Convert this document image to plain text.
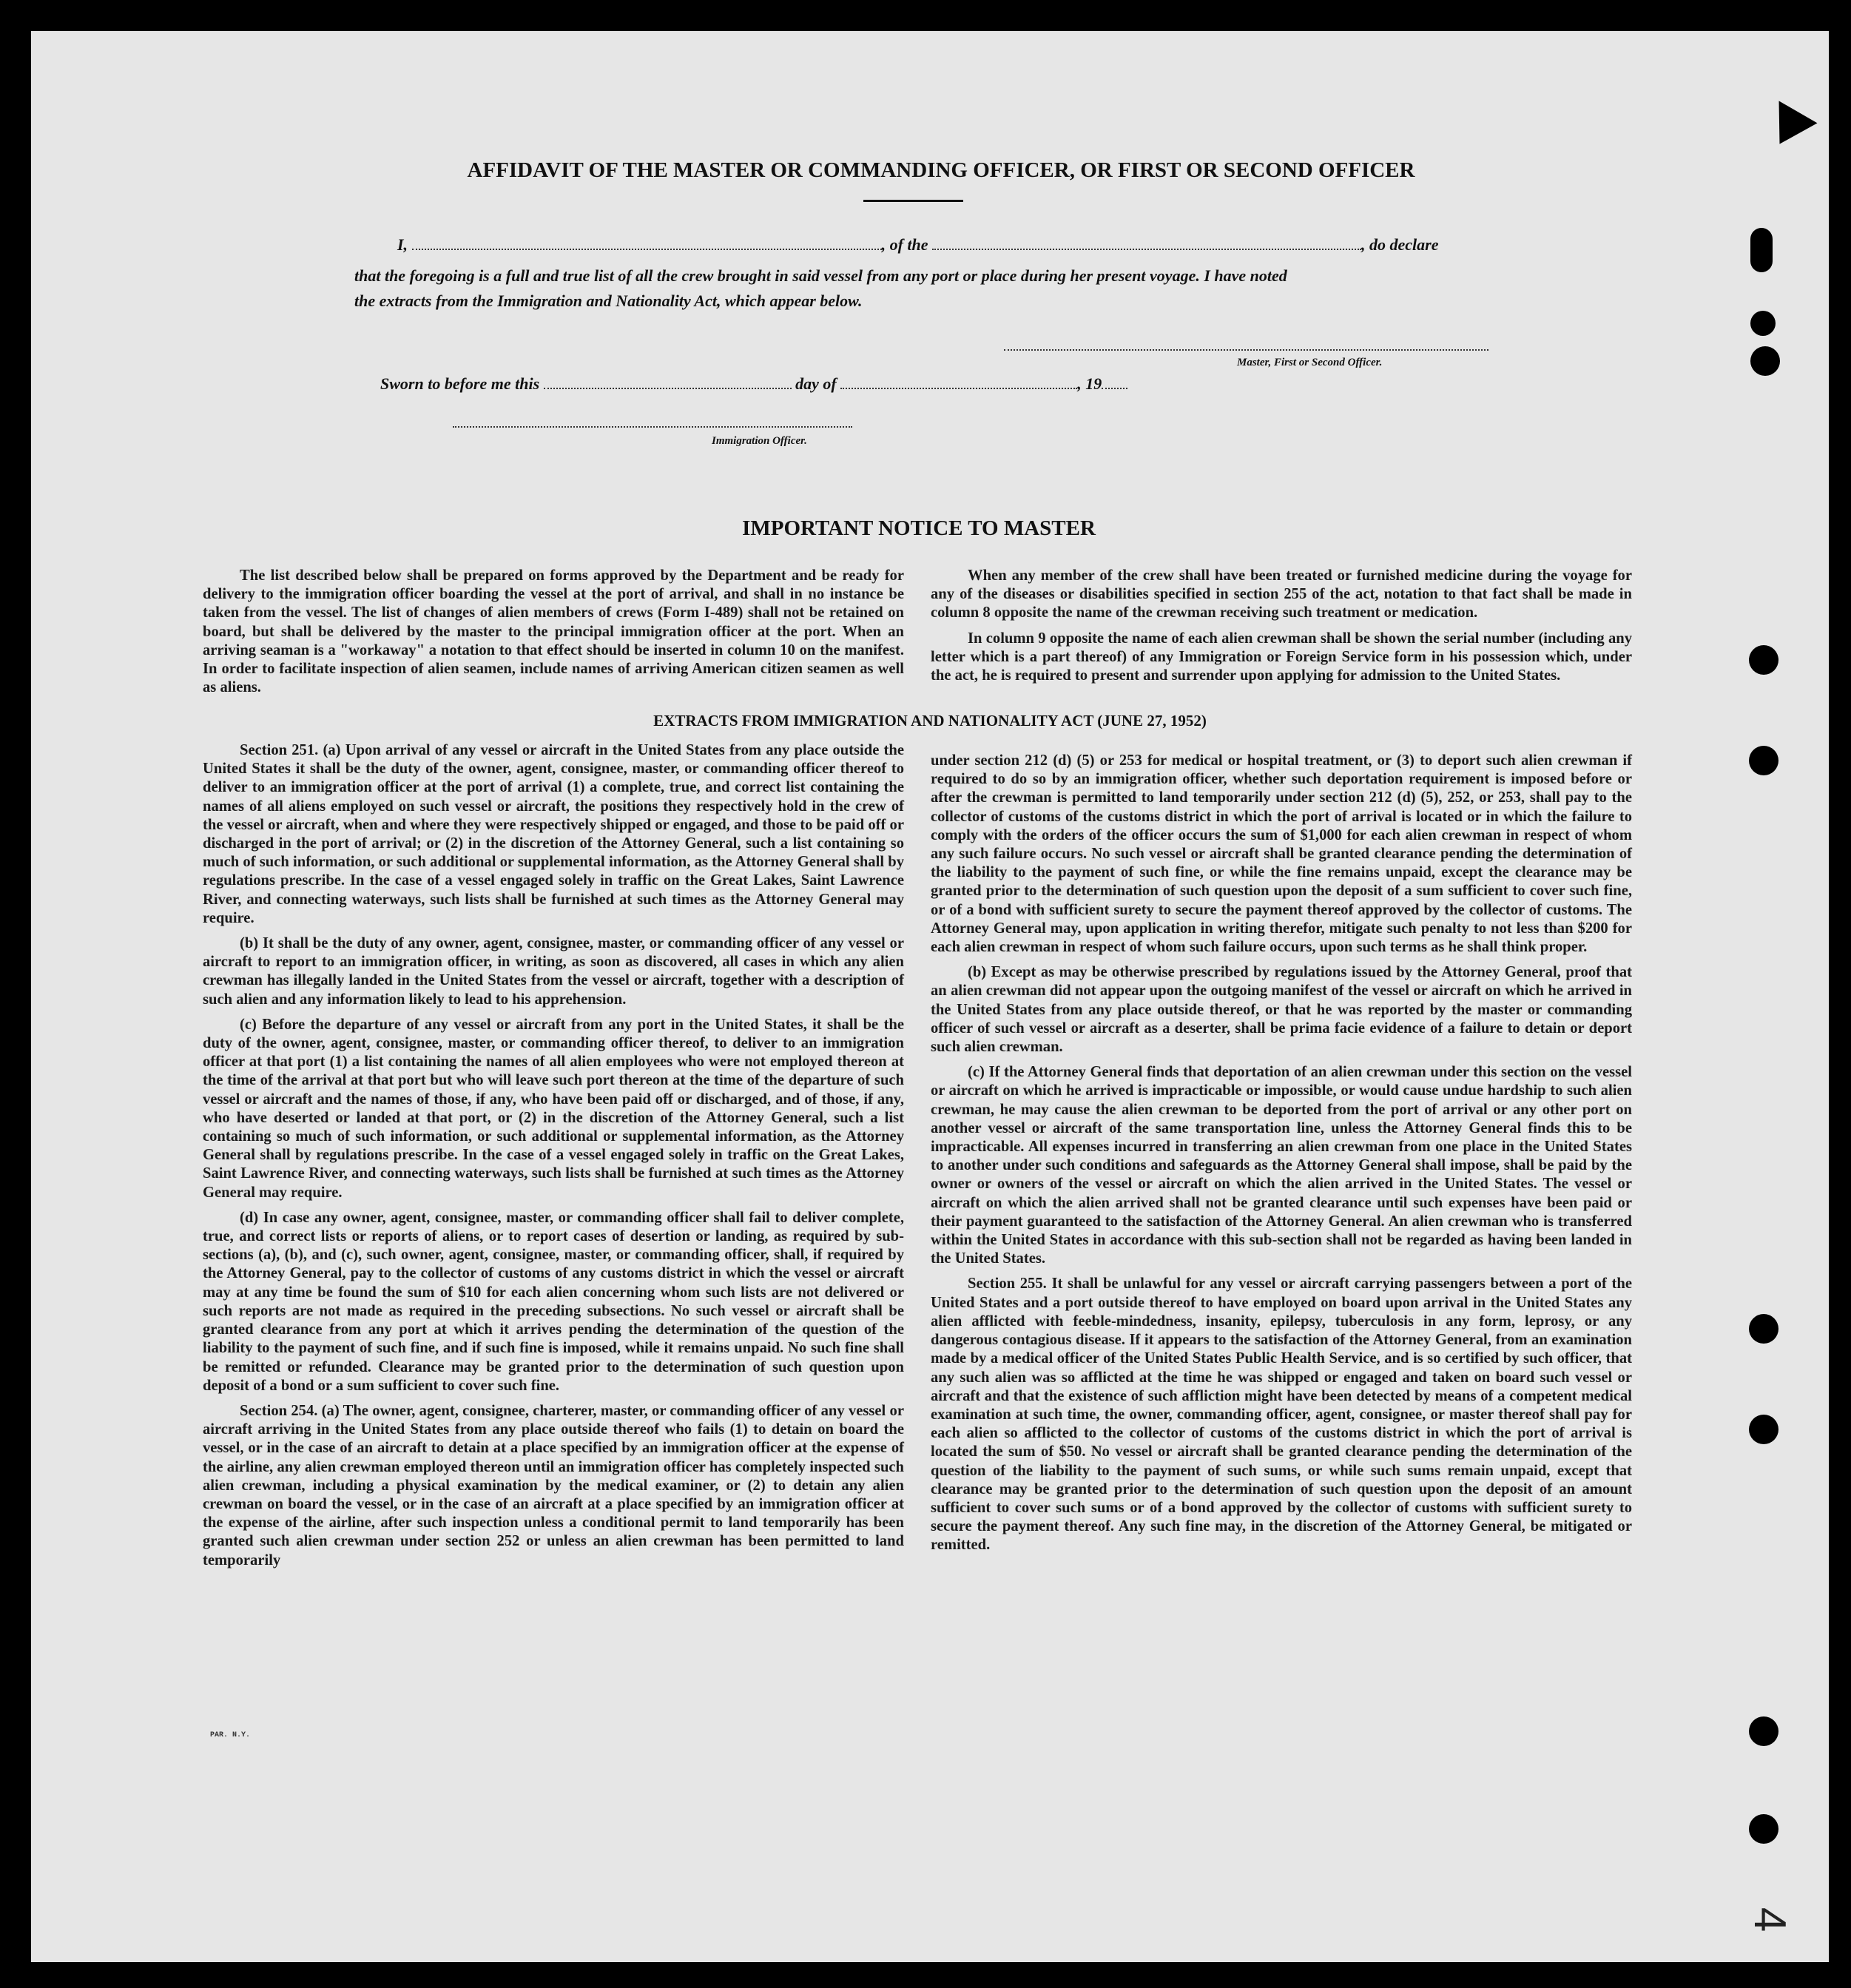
AFFIDAVIT OF THE MASTER OR COMMANDING OFFICER, OR FIRST OR SECOND OFFICER
I,	, of the	, do declare
that the foregoing is a full and true list of all the crew brought in said vessel from any port or place during her present voyage. I have noted
the extracts from the Immigration and Nationality Act, which appear below.
Master, First or Second Officer.
Sworn to before me this	day of	, 19
Immigration Officer.
IMPORTANT NOTICE TO MASTER

The list described below shall be prepared on forms approved by the Department and be ready for delivery to the immigration officer boarding the vessel at the port of arrival, and shall in no instance be taken from the vessel. The list of changes of alien members of crews (Form I-489) shall not be retained on board, but shall be delivered by the master to the principal immigration officer at the port. When an arriving seaman is a "workaway" a notation to that effect should be inserted in column 10 on the manifest. In order to facilitate inspection of alien seamen, include names of arriving American citizen seamen as well as aliens.

When any member of the crew shall have been treated or furnished medicine during the voyage for any of the diseases or disabilities specified in section 255 of the act, notation to that fact shall be made in column 8 opposite the name of the crewman receiving such treatment or medication.

In column 9 opposite the name of each alien crewman shall be shown the serial number (including any letter which is a part thereof) of any Immigration or Foreign Service form in his possession which, under the act, he is required to present and surrender upon applying for admission to the United States.

EXTRACTS FROM IMMIGRATION AND NATIONALITY ACT (JUNE 27, 1952)

Section 251. (a) Upon arrival of any vessel or aircraft in the United States from any place outside the United States it shall be the duty of the owner, agent, consignee, master, or commanding officer thereof to deliver to an immigration officer at the port of arrival (1) a complete, true, and correct list containing the names of all aliens employed on such vessel or aircraft, the positions they respectively hold in the crew of the vessel or aircraft, when and where they were respectively shipped or engaged, and those to be paid off or discharged in the port of arrival; or (2) in the discretion of the Attorney General, such a list containing so much of such information, or such additional or supplemental information, as the Attorney General shall by regulations prescribe. In the case of a vessel engaged solely in traffic on the Great Lakes, Saint Lawrence River, and connecting waterways, such lists shall be furnished at such times as the Attorney General may require.

(b) It shall be the duty of any owner, agent, consignee, master, or commanding officer of any vessel or aircraft to report to an immigration officer, in writing, as soon as discovered, all cases in which any alien crewman has illegally landed in the United States from the vessel or aircraft, together with a description of such alien and any information likely to lead to his apprehension.

(c) Before the departure of any vessel or aircraft from any port in the United States, it shall be the duty of the owner, agent, consignee, master, or commanding officer thereof, to deliver to an immigration officer at that port (1) a list containing the names of all alien employees who were not employed thereon at the time of the arrival at that port but who will leave such port thereon at the time of the departure of such vessel or aircraft and the names of those, if any, who have been paid off or discharged, and of those, if any, who have deserted or landed at that port, or (2) in the discretion of the Attorney General, such a list containing so much of such information, or such additional or supplemental information, as the Attorney General shall by regulations prescribe. In the case of a vessel engaged solely in traffic on the Great Lakes, Saint Lawrence River, and connecting waterways, such lists shall be furnished at such times as the Attorney General may require.

(d) In case any owner, agent, consignee, master, or commanding officer shall fail to deliver complete, true, and correct lists or reports of aliens, or to report cases of desertion or landing, as required by sub-sections (a), (b), and (c), such owner, agent, consignee, master, or commanding officer, shall, if required by the Attorney General, pay to the collector of customs of any customs district in which the vessel or aircraft may at any time be found the sum of $10 for each alien concerning whom such lists are not delivered or such reports are not made as required in the preceding subsections. No such vessel or aircraft shall be granted clearance from any port at which it arrives pending the determination of the question of the liability to the payment of such fine, and if such fine is imposed, while it remains unpaid. No such fine shall be remitted or refunded. Clearance may be granted prior to the determination of such question upon deposit of a bond or a sum sufficient to cover such fine.

Section 254. (a) The owner, agent, consignee, charterer, master, or commanding officer of any vessel or aircraft arriving in the United States from any place outside thereof who fails (1) to detain on board the vessel, or in the case of an aircraft to detain at a place specified by an immigration officer at the expense of the airline, any alien crewman employed thereon until an immigration officer has completely inspected such alien crewman, including a physical examination by the medical examiner, or (2) to detain any alien crewman on board the vessel, or in the case of an aircraft at a place specified by an immigration officer at the expense of the airline, after such inspection unless a conditional permit to land temporarily has been granted such alien crewman under section 252 or unless an alien crewman has been permitted to land temporarily

under section 212 (d) (5) or 253 for medical or hospital treatment, or (3) to deport such alien crewman if required to do so by an immigration officer, whether such deportation requirement is imposed before or after the crewman is permitted to land temporarily under section 212 (d) (5), 252, or 253, shall pay to the collector of customs of the customs district in which the port of arrival is located or in which the failure to comply with the orders of the officer occurs the sum of $1,000 for each alien crewman in respect of whom any such failure occurs. No such vessel or aircraft shall be granted clearance pending the determination of the liability to the payment of such fine, or while the fine remains unpaid, except the clearance may be granted prior to the determination of such question upon the deposit of a sum sufficient to cover such fine, or of a bond with sufficient surety to secure the payment thereof approved by the collector of customs. The Attorney General may, upon application in writing therefor, mitigate such penalty to not less than $200 for each alien crewman in respect of whom such failure occurs, upon such terms as he shall think proper.

(b) Except as may be otherwise prescribed by regulations issued by the Attorney General, proof that an alien crewman did not appear upon the outgoing manifest of the vessel or aircraft on which he arrived in the United States from any place outside thereof, or that he was reported by the master or commanding officer of such vessel or aircraft as a deserter, shall be prima facie evidence of a failure to detain or deport such alien crewman.

(c) If the Attorney General finds that deportation of an alien crewman under this section on the vessel or aircraft on which he arrived is impracticable or impossible, or would cause undue hardship to such alien crewman, he may cause the alien crewman to be deported from the port of arrival or any other port on another vessel or aircraft of the same transportation line, unless the Attorney General finds this to be impracticable. All expenses incurred in transferring an alien crewman from one place in the United States to another under such conditions and safeguards as the Attorney General shall impose, shall be paid by the owner or owners of the vessel or aircraft on which the alien arrived in the United States. The vessel or aircraft on which the alien arrived shall not be granted clearance until such expenses have been paid or their payment guaranteed to the satisfaction of the Attorney General. An alien crewman who is transferred within the United States in accordance with this sub-section shall not be regarded as having been landed in the United States.

Section 255. It shall be unlawful for any vessel or aircraft carrying passengers between a port of the United States and a port outside thereof to have employed on board upon arrival in the United States any alien afflicted with feeble-mindedness, insanity, epilepsy, tuberculosis in any form, leprosy, or any dangerous contagious disease. If it appears to the satisfaction of the Attorney General, from an examination made by a medical officer of the United States Public Health Service, and is so certified by such officer, that any such alien was so afflicted at the time he was shipped or engaged and taken on board such vessel or aircraft and that the existence of such affliction might have been detected by means of a competent medical examination at such time, the owner, commanding officer, agent, consignee, or master thereof shall pay for each alien so afflicted to the collector of customs of the customs district in which the port of arrival is located the sum of $50. No vessel or aircraft shall be granted clearance pending the determination of the question of the liability to the payment of such sums, or while such sums remain unpaid, except that clearance may be granted prior to the determination of such question upon the deposit of an amount sufficient to cover such sums or of a bond approved by the collector of customs with sufficient surety to secure the payment thereof. Any such fine may, in the discretion of the Attorney General, be mitigated or remitted.

PAR. N.Y.
4
